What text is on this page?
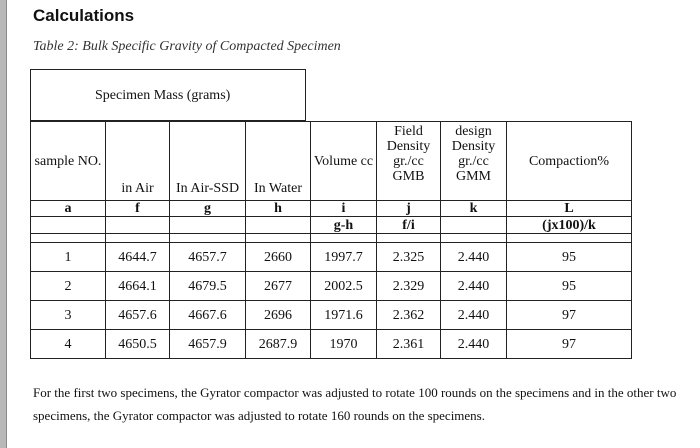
Calculations
Table 2: Bulk Specific Gravity of Compacted Specimen
Specimen Mass (grams)
sample NO.	in Air	In Air-SSD	In Water	Volume cc	Field Density gr./cc GMB	design Density gr./cc GMM	Compaction%
a	f	g	h	i	j	k	L
				g-h	f/i		(jx100)/k

1	4644.7	4657.7	2660	1997.7	2.325	2.440	95
2	4664.1	4679.5	2677	2002.5	2.329	2.440	95
3	4657.6	4667.6	2696	1971.6	2.362	2.440	97
4	4650.5	4657.9	2687.9	1970	2.361	2.440	97
For the first two specimens, the Gyrator compactor was adjusted to rotate 100 rounds on the specimens and in the other two specimens, the Gyrator compactor was adjusted to rotate 160 rounds on the specimens.
